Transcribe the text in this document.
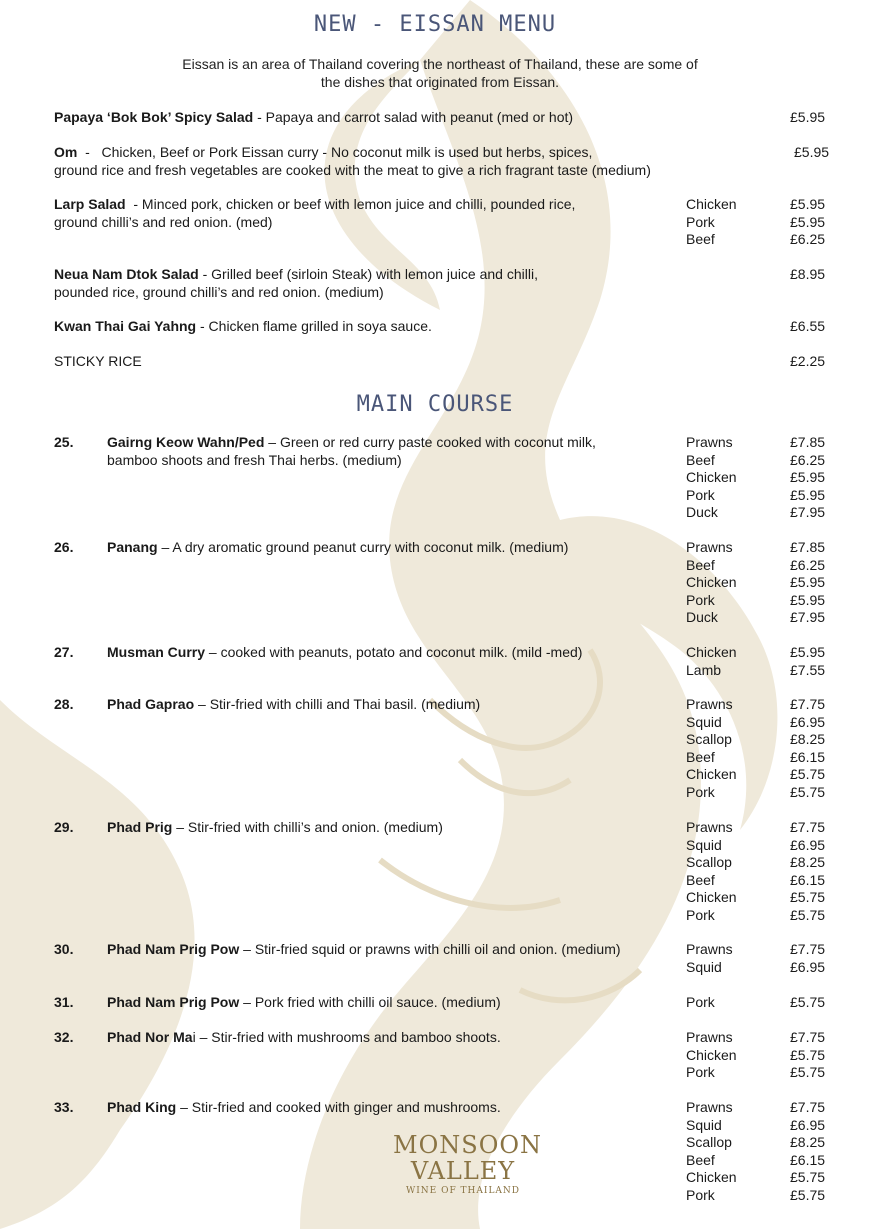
NEW - EISSAN MENU
Eissan is an area of Thailand covering the northeast of Thailand, these are some of
the dishes that originated from Eissan.
Papaya ‘Bok Bok’ Spicy Salad - Papaya and carrot salad with peanut (med or hot)	£5.95
Om  -   Chicken, Beef or Pork Eissan curry - No coconut milk is used but herbs, spices,
ground rice and fresh vegetables are cooked with the meat to give a rich fragrant taste (medium)
£5.95
Larp Salad  - Minced pork, chicken or beef with lemon juice and chilli, pounded rice,
ground chilli’s and red onion. (med)
Chicken	£5.95
Pork	£5.95
Beef	£6.25
Neua Nam Dtok Salad - Grilled beef (sirloin Steak) with lemon juice and chilli,
pounded rice, ground chilli’s and red onion. (medium)
£8.95
Kwan Thai Gai Yahng - Chicken flame grilled in soya sauce.	£6.55
STICKY RICE	£2.25
MAIN COURSE
25. Gairng Keow Wahn/Ped – Green or red curry paste cooked with coconut milk,
bamboo shoots and fresh Thai herbs. (medium)
Prawns	£7.85
Beef	£6.25
Chicken	£5.95
Pork	£5.95
Duck	£7.95
26. Panang – A dry aromatic ground peanut curry with coconut milk. (medium)	Prawns	£7.85
Beef	£6.25
Chicken	£5.95
Pork	£5.95
Duck	£7.95
27. Musman Curry – cooked with peanuts, potato and coconut milk. (mild -med)	Chicken	£5.95
Lamb	£7.55
28. Phad Gaprao – Stir-fried with chilli and Thai basil. (medium)	Prawns	£7.75
Squid	£6.95
Scallop	£8.25
Beef	£6.15
Chicken	£5.75
Pork	£5.75
29. Phad Prig – Stir-fried with chilli’s and onion. (medium)	Prawns	£7.75
Squid	£6.95
Scallop	£8.25
Beef	£6.15
Chicken	£5.75
Pork	£5.75
30. Phad Nam Prig Pow – Stir-fried squid or prawns with chilli oil and onion. (medium)	Prawns	£7.75
Squid	£6.95
31. Phad Nam Prig Pow – Pork fried with chilli oil sauce. (medium)	Pork	£5.75
32. Phad Nor Mai – Stir-fried with mushrooms and bamboo shoots.	Prawns	£7.75
Chicken	£5.75
Pork	£5.75
33. Phad King – Stir-fried and cooked with ginger and mushrooms.	Prawns	£7.75
Squid	£6.95
Scallop	£8.25
Beef	£6.15
Chicken	£5.75
Pork	£5.75
MONSOON
VALLEY
WINE OF THAILAND
